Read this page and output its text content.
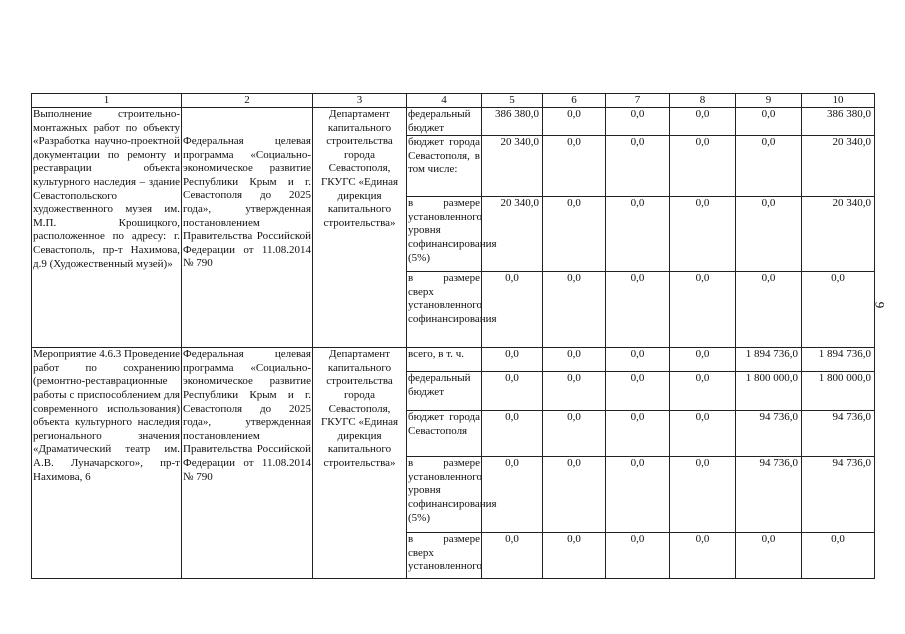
1	2	3	4	5	6	7	8	9	10
Выполнение строительно-монтажных работ по объекту «Разработка научно-проектной документации по ремонту и реставрации объекта культурного наследия – здание Севастопольского художественного музея им. М.П. Крошицкого, расположенное по адресу: г. Севастополь, пр-т Нахимова, д.9 (Художественный музей)»	Федеральная целевая программа «Социально-экономическое развитие Республики Крым и г. Севастополя до 2025 года», утвержденная постановлением Правительства Российской Федерации от 11.08.2014 № 790	Департамент капитального строительства города Севастополя, ГКУГС «Единая дирекция капитального строительства»	федеральный бюджет	386 380,0	0,0	0,0	0,0	0,0	386 380,0
			бюджет города Севастополя, в том числе:	20 340,0	0,0	0,0	0,0	0,0	20 340,0
			в размере установленного уровня софинансирования (5%)	20 340,0	0,0	0,0	0,0	0,0	20 340,0
			в размере сверх установленного софинансирования	0,0	0,0	0,0	0,0	0,0	0,0
Мероприятие 4.6.3 Проведение работ по сохранению (ремонтно-реставрационные работы с приспособлением для современного использования) объекта культурного наследия регионального значения «Драматический театр им. А.В. Луначарского», пр-т Нахимова, 6	Федеральная целевая программа «Социально-экономическое развитие Республики Крым и г. Севастополя до 2025 года», утвержденная постановлением Правительства Российской Федерации от 11.08.2014 № 790	Департамент капитального строительства города Севастополя, ГКУГС «Единая дирекция капитального строительства»	всего, в т. ч.	0,0	0,0	0,0	0,0	1 894 736,0	1 894 736,0
			федеральный бюджет	0,0	0,0	0,0	0,0	1 800 000,0	1 800 000,0
			бюджет города Севастополя	0,0	0,0	0,0	0,0	94 736,0	94 736,0
			в размере установленного уровня софинансирования (5%)	0,0	0,0	0,0	0,0	94 736,0	94 736,0
			в размере сверх установленного	0,0	0,0	0,0	0,0	0,0	0,0
9
